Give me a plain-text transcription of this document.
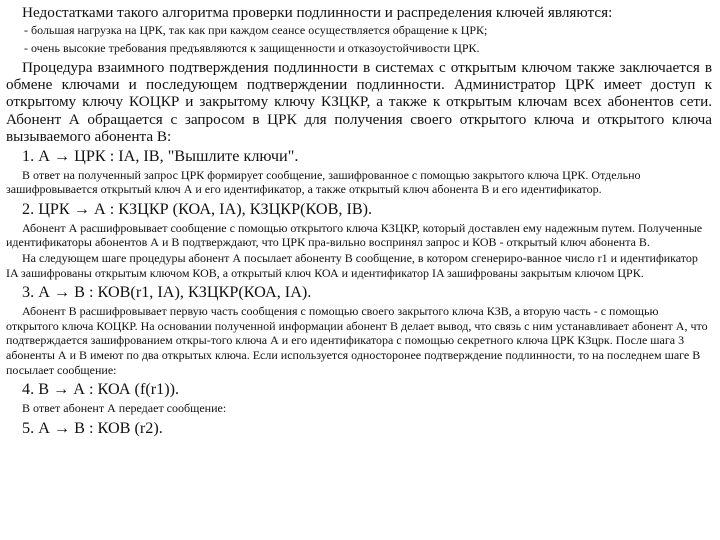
Недостатками такого алгоритма проверки подлинности и распределения ключей являются:

- большая нагрузка на ЦРК, так как при каждом сеансе осуществляется обращение к ЦРК;

- очень высокие требования предъявляются к защищенности и отказоустойчивости ЦРК.

Процедура взаимного подтверждения подлинности в системах с открытым ключом также заключается в обмене ключами и последующем подтверждении подлинности. Администратор ЦРК имеет доступ к открытому ключу КОЦКР и закрытому ключу КЗЦКР, а также к открытым ключам всех абонентов сети. Абонент А обращается с запросом в ЦРК для получения своего открытого ключа и открытого ключа вызываемого абонента В:

1. А → ЦРК : IA, IB, "Вышлите ключи".

В ответ на полученный запрос ЦРК формирует сообщение, зашифрованное с помощью закрытого ключа ЦРК. Отдельно зашифровывается открытый ключ А и его идентификатор, а также открытый ключ абонента В и его идентификатор.

2. ЦРК → А : КЗЦКР (КОА, IA), КЗЦКР(КОВ, IB).

Абонент А расшифровывает сообщение с помощью открытого ключа КЗЦКР, который доставлен ему надежным путем. Полученные идентификаторы абонентов А и В подтверждают, что ЦРК пра-вильно воспринял запрос и КОВ - открытый ключ абонента В.

На следующем шаге процедуры абонент А посылает абоненту В сообщение, в котором сгенериро-ванное число r1 и идентификатор IA зашифрованы открытым ключом КОВ, а открытый ключ КОА и идентификатор IA зашифрованы закрытым ключом ЦРК.

3. А → В : КОВ(r1, IA), КЗЦКР(КОА, IA).

Абонент В расшифровывает первую часть сообщения с помощью своего закрытого ключа КЗВ, а вторую часть - с помощью открытого ключа КОЦКР. На основании полученной информации абонент В делает вывод, что связь с ним устанавливает абонент А, что подтверждается зашифрованием откры-того ключа А и его идентификатора с помощью секретного ключа ЦРК КЗцрк. После шага 3 абоненты А и В имеют по два открытых ключа. Если используется односторонее подтверждение подлинности, то на последнем шаге В посылает сообщение:

4. В → А : КОА (f(r1)).

В ответ абонент А передает сообщение:

5. А → В : КОВ (r2).
